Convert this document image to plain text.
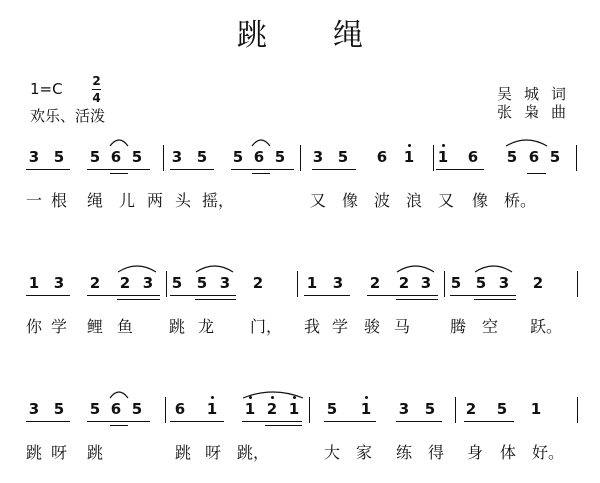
跳绳
1=C 2
4
欢乐、活泼
吴城词
张枭曲
3 5 5 6 5 3 5 5 6 5 3 5 6 1 1 6 5 6 5
一 根 绳 儿 两 头 摇，	又 像 波 浪 又 像 桥。
1 3 2 2 3 5 5 3 2	1 3 2 2 3 5 5 3 2
你 学 鲤 鱼 跳 龙 门， 我 学 骏 马 腾 空 跃。
3 5 5 6 5 6 1 1 2 1 5 1 3 5 2 5 1
跳 呀 跳	跳 呀 跳，	大 家 练 得 身 体 好。
